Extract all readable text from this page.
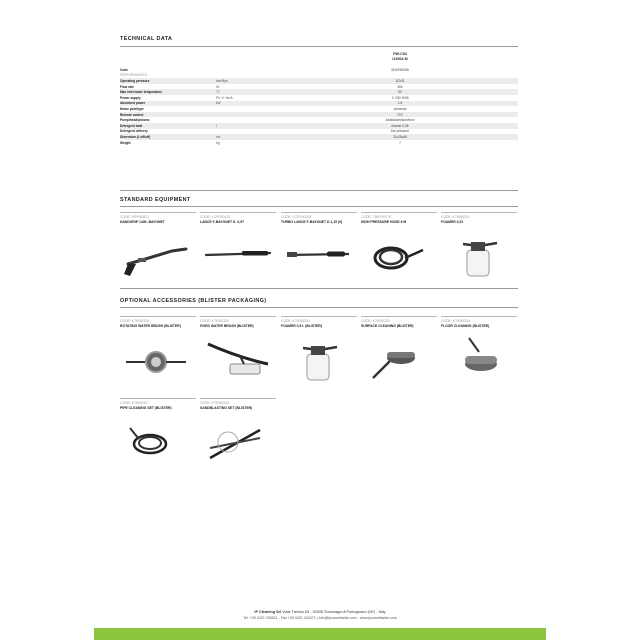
TECHNICAL DATA
PW-C04
I1106A M
Code	SDAP56298
PERFORMANCES
Operating pressure	bar/Mpa	110/11
Flow rate	l/h	360
Max inlet water temperature	°C	50
Power supply	Ph~V~Hz/A	1~230~50/8
Absorbed power	kW	1.6
Motor pole/type	universal
Remote control	ITS
Pump/head/pistons	Axial/aluminium/inox
Detergent tank	l	foamer 0,56
Detergent delivery	low pressure
Dimension (LxWxH)	cm	31x25x46
Weight	Kg	7
STANDARD EQUIPMENT
CODE: IPPR40821
HANDGRIP 1/4M -BAYONET
CODE: LCPR40123
LANCE F-BAYONET D. 0,97
CODE: LCPR40128
TURBO LANCE F-BAYONET D.1,15 (0)
CODE: TBKP40178
HIGH PRESSURE HOSE 6 M
CODE: KTRI40331
FOAMER 0,51
OPTIONAL ACCESSORIES (BLISTER PACKAGING)
CODE: KTRI40329
ROTATING WATER BRUSH (BLISTER)
CODE: KTRI40330
FIXED WATER BRUSH (BLISTER)
CODE: KTRI40331
FOAMER 0,5 L (BLISTER)
CODE: KTRI40325
SURFACE CLEANING (BLISTER)
CODE: KTRI40326
FLOOR CLEANING (BLISTER)
CODE: KTRI40327
PIPE CLEANING SET (BLISTER)
CODE: KTRI40328
SANDBLASTING SET (BLISTER)
IP Cleaning Srl Viale Treviso 63 - 30026 Summaga di Portogruaro (VE) - Italy
Tel. +39 0421 205511 - Fax +39 0421 204271 | info@ipcworldwide.com - www.ipcworldwide.com
